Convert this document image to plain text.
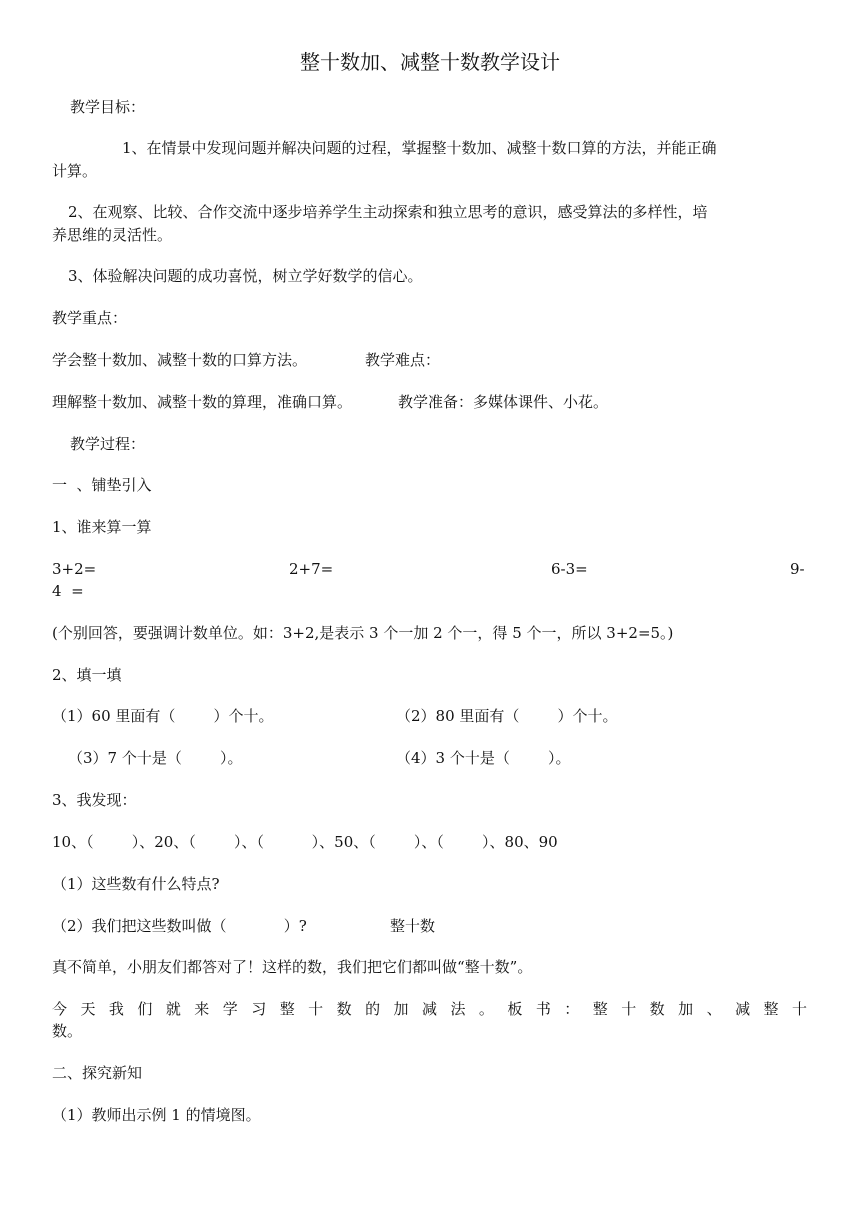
整十数加、减整十数教学设计
教学目标：
1、在情景中发现问题并解决问题的过程，掌握整十数加、减整十数口算的方法，并能正确
计算。
2、在观察、比较、合作交流中逐步培养学生主动探索和独立思考的意识，感受算法的多样性，培
养思维的灵活性。
3、体验解决问题的成功喜悦，树立学好数学的信心。
教学重点：
学会整十数加、减整十数的口算方法。	教学难点：
理解整十数加、减整十数的算理，准确口算。	教学准备：多媒体课件、小花。
教学过程：
一  、铺垫引入
1、谁来算一算
3+2=	2+7=	6-3=	9-
4  =
(个别回答，要强调计数单位。如：3+2,是表示 3 个一加 2 个一，得 5 个一，所以 3+2=5。)
2、填一填
（1）60 里面有（        ）个十。	（2）80 里面有（        ）个十。
（3）7 个十是（        ）。	（4）3 个十是（        ）。
3、我发现：
10、（        ）、20、（        ）、（          ）、50、（        ）、（        ）、80、90
（1）这些数有什么特点?
（2）我们把这些数叫做（            ）?	整十数
真不简单，小朋友们都答对了！这样的数，我们把它们都叫做“整十数”。
今天我们就来学习整十数的加减法。板书：整十数加、减整十
数。
二、探究新知
（1）教师出示例 1 的情境图。
